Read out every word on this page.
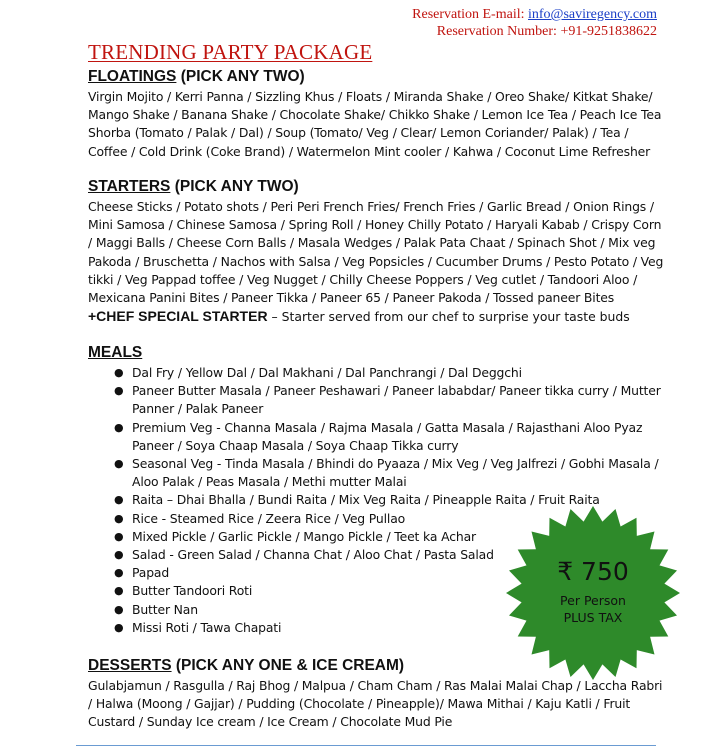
Reservation E-mail: info@saviregency.com
Reservation Number: +91-9251838622
TRENDING PARTY PACKAGE

FLOATINGS (PICK ANY TWO)

Virgin Mojito / Kerri Panna / Sizzling Khus / Floats / Miranda Shake / Oreo Shake/ Kitkat Shake/ Mango Shake / Banana Shake / Chocolate Shake/ Chikko Shake / Lemon Ice Tea / Peach Ice Tea Shorba (Tomato / Palak / Dal) / Soup (Tomato/ Veg / Clear/ Lemon Coriander/ Palak) / Tea / Coffee / Cold Drink (Coke Brand) / Watermelon Mint cooler / Kahwa / Coconut Lime Refresher

STARTERS (PICK ANY TWO)

Cheese Sticks / Potato shots / Peri Peri French Fries/ French Fries / Garlic Bread / Onion Rings / Mini Samosa / Chinese Samosa / Spring Roll / Honey Chilly Potato / Haryali Kabab / Crispy Corn / Maggi Balls / Cheese Corn Balls / Masala Wedges / Palak Pata Chaat / Spinach Shot / Mix veg Pakoda / Bruschetta / Nachos with Salsa / Veg Popsicles / Cucumber Drums / Pesto Potato / Veg tikki / Veg Pappad toffee / Veg Nugget / Chilly Cheese Poppers / Veg cutlet / Tandoori Aloo / Mexicana Panini Bites / Paneer Tikka / Paneer 65 / Paneer Pakoda / Tossed paneer Bites

+CHEF SPECIAL STARTER – Starter served from our chef to surprise your taste buds

MEALS

● Dal Fry / Yellow Dal / Dal Makhani / Dal Panchrangi / Dal Deggchi
● Paneer Butter Masala / Paneer Peshawari / Paneer lababdar/ Paneer tikka curry / Mutter Panner / Palak Paneer
● Premium Veg - Channa Masala / Rajma Masala / Gatta Masala / Rajasthani Aloo Pyaz Paneer / Soya Chaap Masala / Soya Chaap Tikka curry
● Seasonal Veg - Tinda Masala / Bhindi do Pyaaza / Mix Veg / Veg Jalfrezi / Gobhi Masala / Aloo Palak / Peas Masala / Methi mutter Malai
● Raita – Dhai Bhalla / Bundi Raita / Mix Veg Raita / Pineapple Raita / Fruit Raita
● Rice - Steamed Rice / Zeera Rice / Veg Pullao
● Mixed Pickle / Garlic Pickle / Mango Pickle / Teet ka Achar
● Salad - Green Salad / Channa Chat / Aloo Chat / Pasta Salad
● Papad
● Butter Tandoori Roti
● Butter Nan
● Missi Roti / Tawa Chapati

DESSERTS (PICK ANY ONE & ICE CREAM)

Gulabjamun / Rasgulla / Raj Bhog / Malpua / Cham Cham / Ras Malai Malai Chap / Laccha Rabri / Halwa (Moong / Gajjar) / Pudding (Chocolate / Pineapple)/ Mawa Mithai / Kaju Katli / Fruit Custard / Sunday Ice cream / Ice Cream / Chocolate Mud Pie

₹ 750
Per Person
PLUS TAX
